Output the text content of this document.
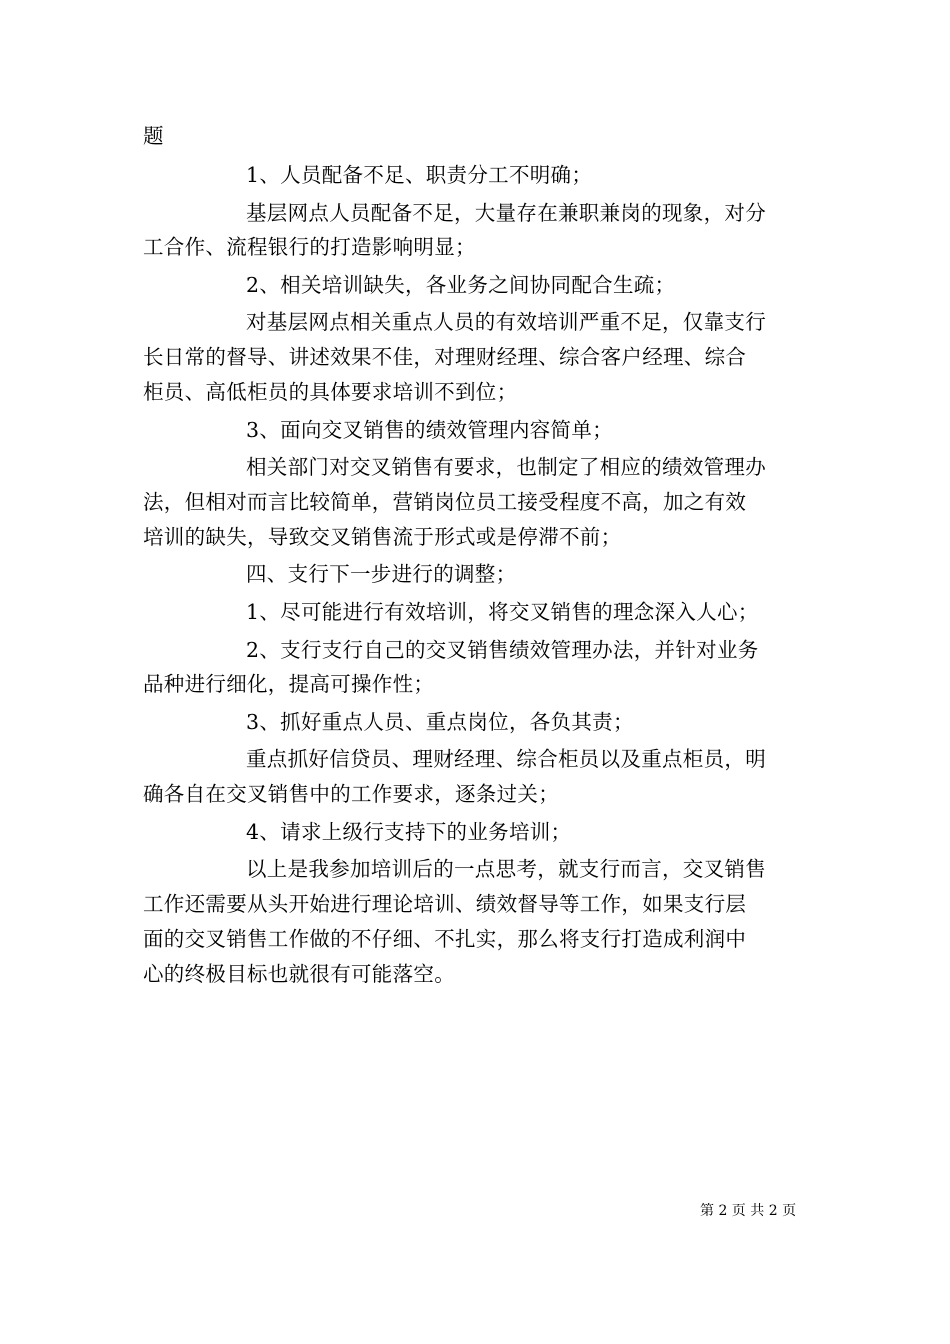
题
1、人员配备不足、职责分工不明确；
基层网点人员配备不足，大量存在兼职兼岗的现象，对分
工合作、流程银行的打造影响明显；
2、相关培训缺失，各业务之间协同配合生疏；
对基层网点相关重点人员的有效培训严重不足，仅靠支行
长日常的督导、讲述效果不佳，对理财经理、综合客户经理、综合
柜员、高低柜员的具体要求培训不到位；
3、面向交叉销售的绩效管理内容简单；
相关部门对交叉销售有要求，也制定了相应的绩效管理办
法，但相对而言比较简单，营销岗位员工接受程度不高，加之有效
培训的缺失，导致交叉销售流于形式或是停滞不前；
四、支行下一步进行的调整；
1、尽可能进行有效培训，将交叉销售的理念深入人心；
2、支行支行自己的交叉销售绩效管理办法，并针对业务
品种进行细化，提高可操作性；
3、抓好重点人员、重点岗位，各负其责；
重点抓好信贷员、理财经理、综合柜员以及重点柜员，明
确各自在交叉销售中的工作要求，逐条过关；
4、请求上级行支持下的业务培训；
以上是我参加培训后的一点思考，就支行而言，交叉销售
工作还需要从头开始进行理论培训、绩效督导等工作，如果支行层
面的交叉销售工作做的不仔细、不扎实，那么将支行打造成利润中
心的终极目标也就很有可能落空。
第 2 页 共 2 页
